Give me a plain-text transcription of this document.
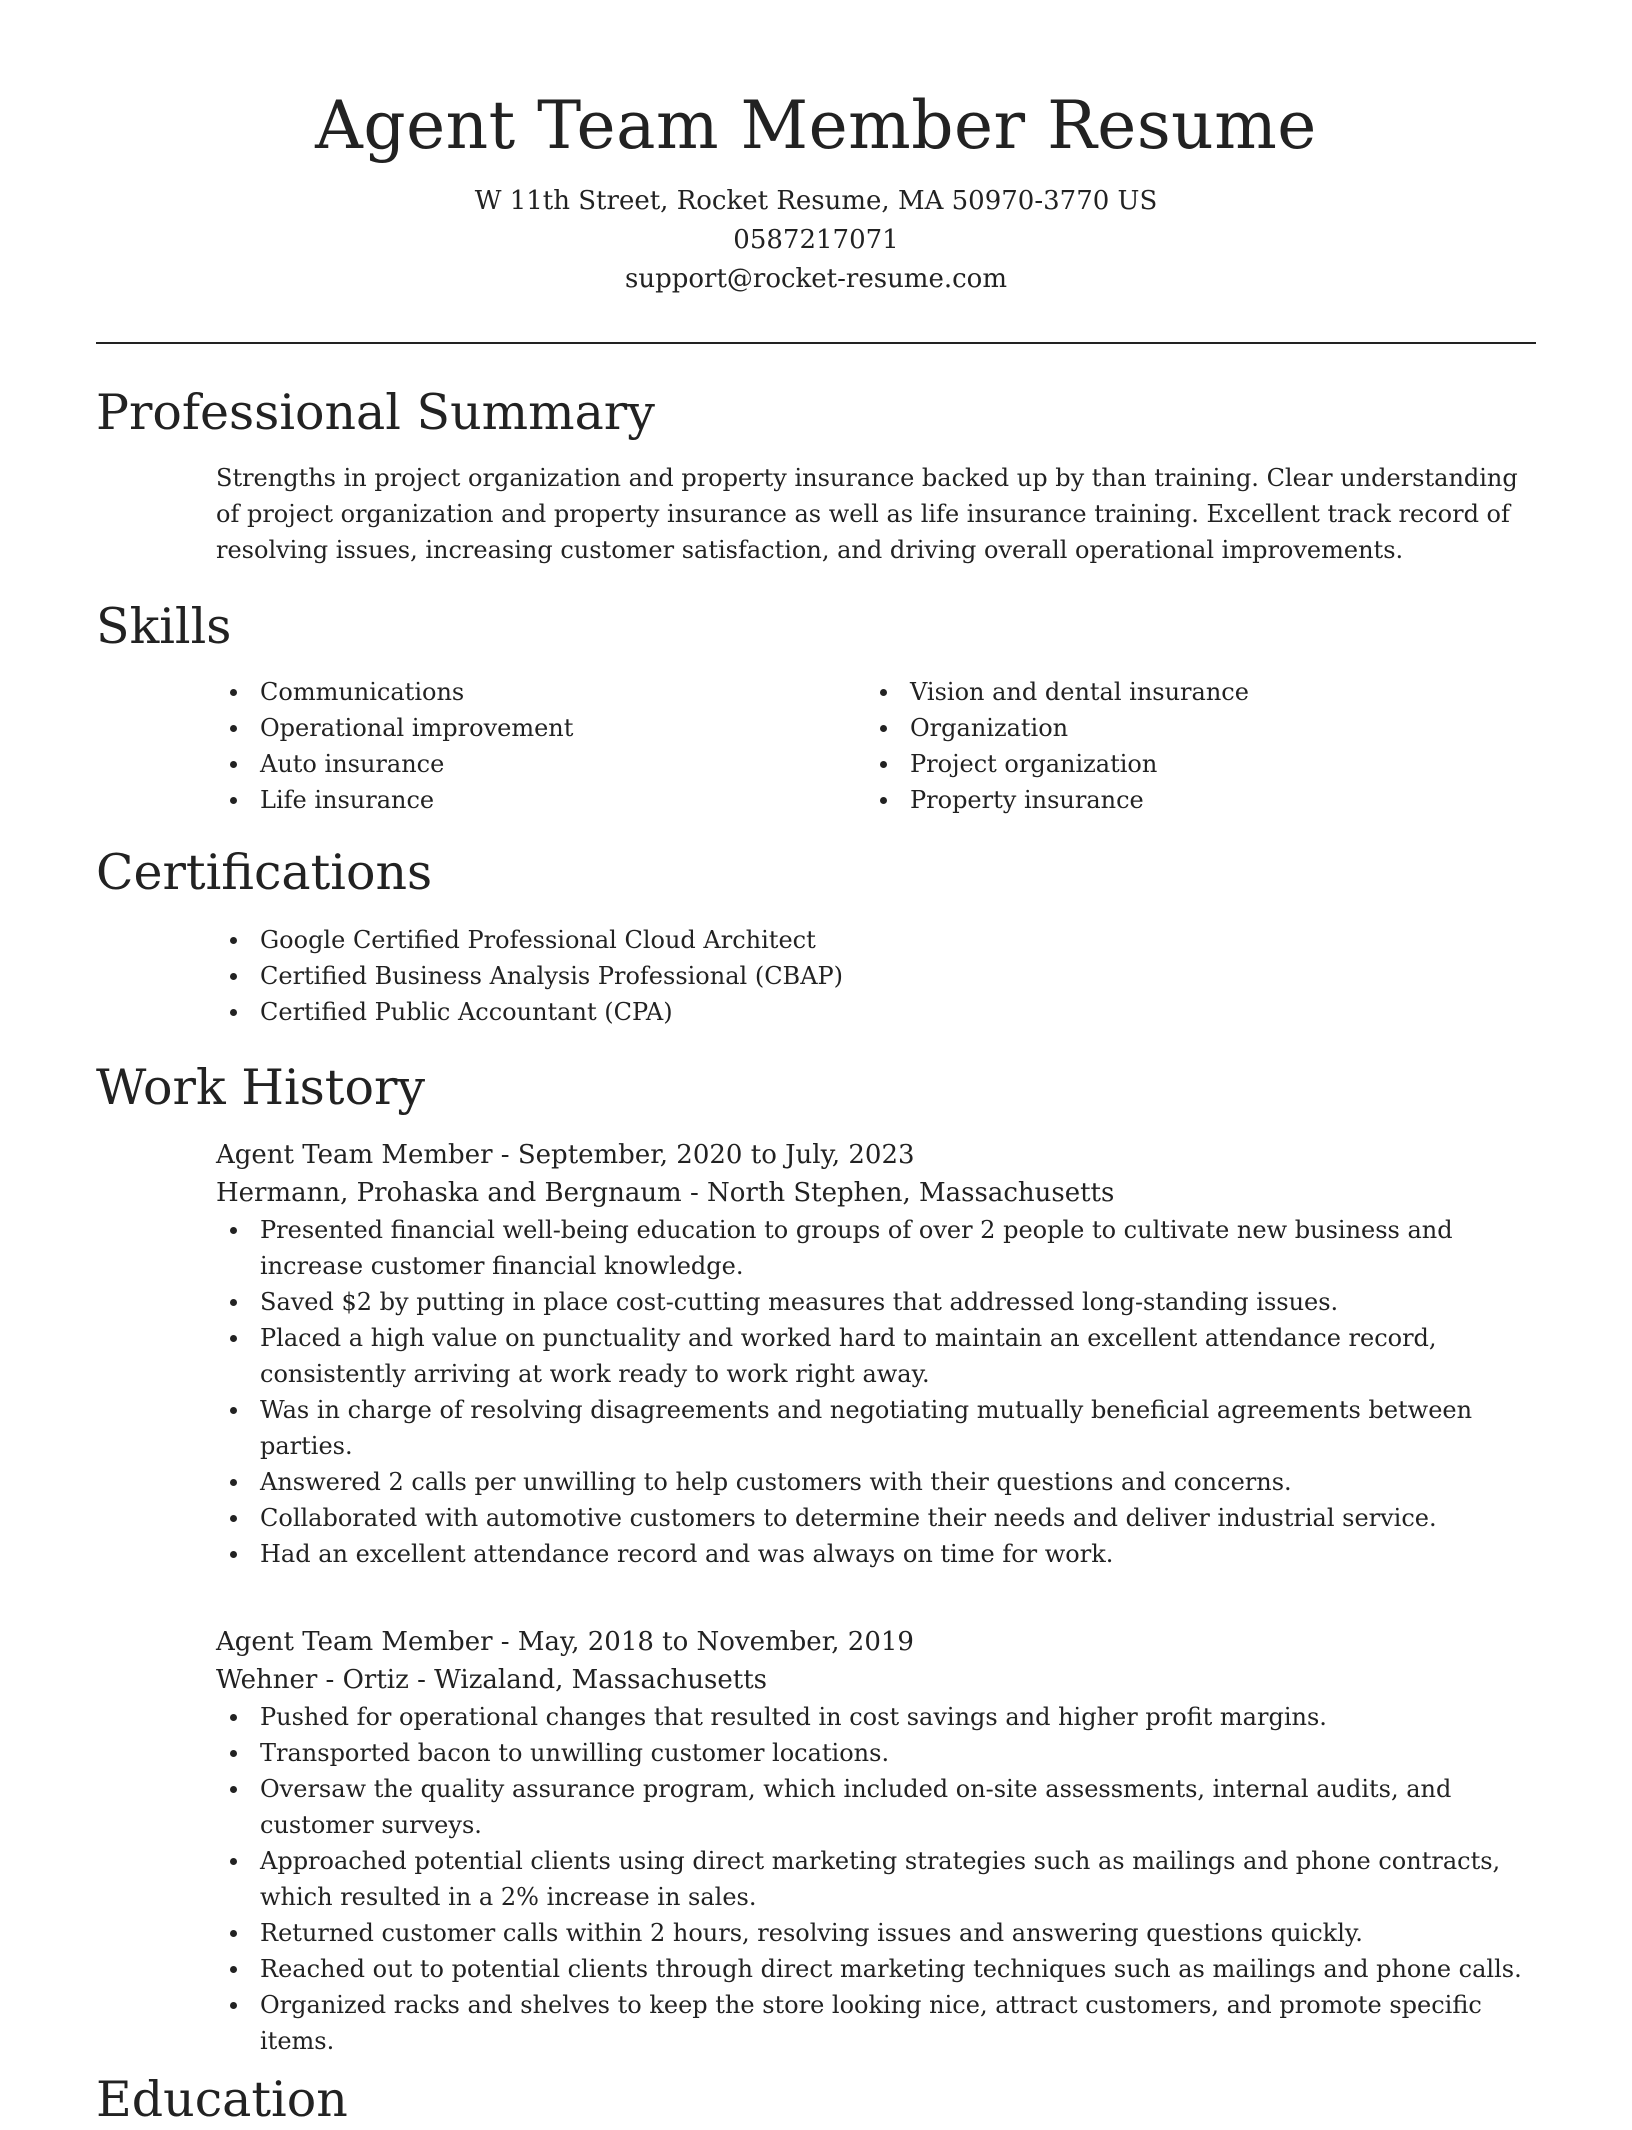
Agent Team Member Resume
W 11th Street, Rocket Resume, MA 50970-3770 US
0587217071
support@rocket-resume.com
Professional Summary

Strengths in project organization and property insurance backed up by than training. Clear understanding of project organization and property insurance as well as life insurance training. Excellent track record of resolving issues, increasing customer satisfaction, and driving overall operational improvements.

Skills
Communications
Operational improvement
Auto insurance
Life insurance
Vision and dental insurance
Organization
Project organization
Property insurance
Certifications
Google Certified Professional Cloud Architect
Certified Business Analysis Professional (CBAP)
Certified Public Accountant (CPA)
Work History
Agent Team Member - September, 2020 to July, 2023
Hermann, Prohaska and Bergnaum - North Stephen, Massachusetts
Presented financial well-being education to groups of over 2 people to cultivate new business and increase customer financial knowledge.
Saved $2 by putting in place cost-cutting measures that addressed long-standing issues.
Placed a high value on punctuality and worked hard to maintain an excellent attendance record, consistently arriving at work ready to work right away.
Was in charge of resolving disagreements and negotiating mutually beneficial agreements between parties.
Answered 2 calls per unwilling to help customers with their questions and concerns.
Collaborated with automotive customers to determine their needs and deliver industrial service.
Had an excellent attendance record and was always on time for work.
Agent Team Member - May, 2018 to November, 2019
Wehner - Ortiz - Wizaland, Massachusetts
Pushed for operational changes that resulted in cost savings and higher profit margins.
Transported bacon to unwilling customer locations.
Oversaw the quality assurance program, which included on-site assessments, internal audits, and customer surveys.
Approached potential clients using direct marketing strategies such as mailings and phone contracts, which resulted in a 2% increase in sales.
Returned customer calls within 2 hours, resolving issues and answering questions quickly.
Reached out to potential clients through direct marketing techniques such as mailings and phone calls.
Organized racks and shelves to keep the store looking nice, attract customers, and promote specific items.
Education
